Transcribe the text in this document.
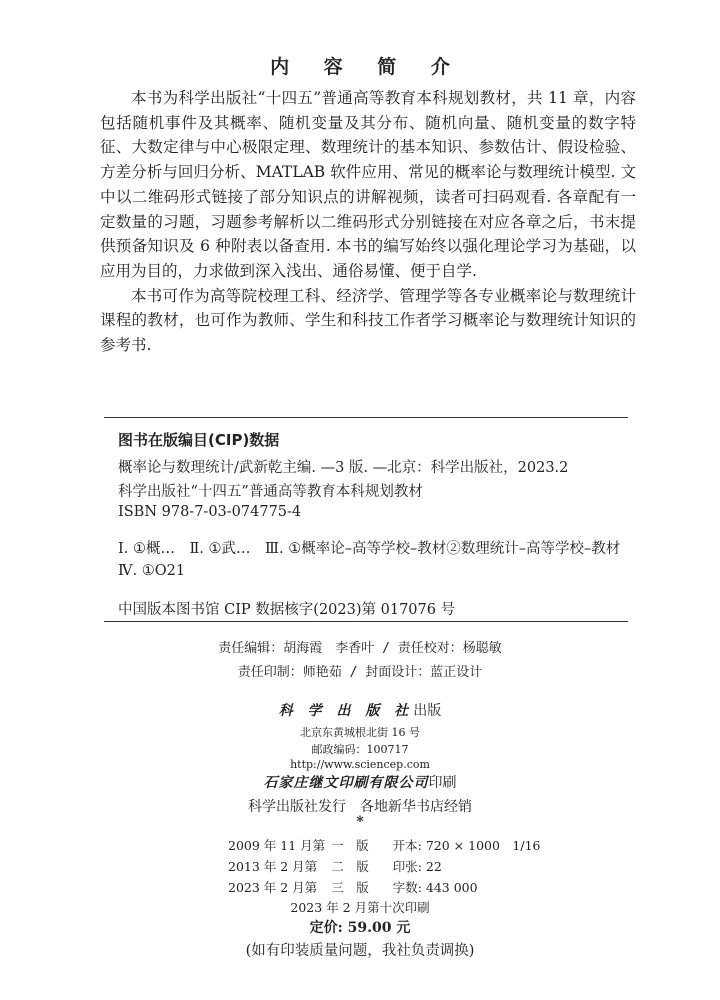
内 容 简 介

本书为科学出版社“十四五”普通高等教育本科规划教材，共 11 章，内容包括随机事件及其概率、随机变量及其分布、随机向量、随机变量的数字特征、大数定律与中心极限定理、数理统计的基本知识、参数估计、假设检验、方差分析与回归分析、MATLAB 软件应用、常见的概率论与数理统计模型. 文中以二维码形式链接了部分知识点的讲解视频，读者可扫码观看. 各章配有一定数量的习题，习题参考解析以二维码形式分别链接在对应各章之后，书末提供预备知识及 6 种附表以备查用. 本书的编写始终以强化理论学习为基础，以应用为目的，力求做到深入浅出、通俗易懂、便于自学.

本书可作为高等院校理工科、经济学、管理学等各专业概率论与数理统计课程的教材，也可作为教师、学生和科技工作者学习概率论与数理统计知识的参考书.

图书在版编目(CIP)数据
概率论与数理统计/武新乾主编. —3 版. —北京：科学出版社，2023.2
科学出版社“十四五”普通高等教育本科规划教材
ISBN 978-7-03-074775-4
Ⅰ. ①概…　Ⅱ. ①武…　Ⅲ. ①概率论–高等学校–教材②数理统计–高等学校–教材　Ⅳ. ①O21
中国版本图书馆 CIP 数据核字(2023)第 017076 号
责任编辑：胡海霞　李香叶 / 责任校对：杨聪敏
责任印制：师艳茹 / 封面设计：蓝正设计
科 学 出 版 社出版
北京东黄城根北街 16 号
邮政编码：100717
http://www.sciencep.com
石家庄继文印刷有限公司印刷
科学出版社发行　各地新华书店经销
*
2009 年 11 月第 一　版 开本: 720 × 1000　1/16
2013 年 2 月第 二　版 印张: 22
2023 年 2 月第 三　版 字数: 443 000
2023 年 2 月第十次印刷
定价: 59.00 元
(如有印装质量问题，我社负责调换)
